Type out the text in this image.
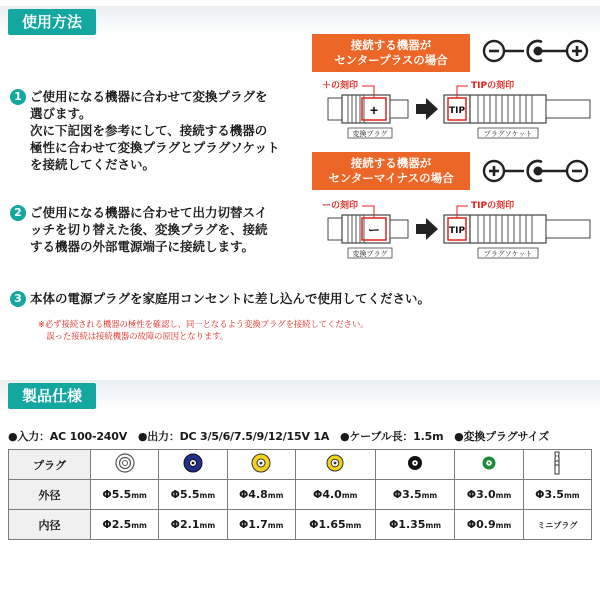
使用方法
1 ご使用になる機器に合わせて変換プラグを
選びます。
次に下記図を参考にして、接続する機器の
極性に合わせて変換プラグとプラグソケット
を接続してください。
2 ご使用になる機器に合わせて出力切替スイ
ッチを切り替えた後、変換プラグを、接続
する機器の外部電源端子に接続します。
3 本体の電源プラグを家庭用コンセントに差し込んで使用してください。
※必ず接続される機器の極性を確認し、同一となるよう変換プラグを接続してください。
　誤った接続は接続機器の故障の原因となります。
接続する機器が
センタープラスの場合
接続する機器が
センターマイナスの場合
+
＋の刻印
変換プラグ
TIP
TIPの刻印
プラグソケット
ー
ーの刻印
変換プラグ
TIP
TIPの刻印
プラグソケット
製品仕様
●入力：AC 100-240V　●出力：DC 3/5/6/7.5/9/12/15V 1A　●ケーブル長：1.5m　●変換プラグサイズ
プラグ							
外径	Φ5.5mm	Φ5.5mm	Φ4.8mm	Φ4.0mm	Φ3.5mm	Φ3.0mm	Φ3.5mm
内径	Φ2.5mm	Φ2.1mm	Φ1.7mm	Φ1.65mm	Φ1.35mm	Φ0.9mm	ミニプラグ
